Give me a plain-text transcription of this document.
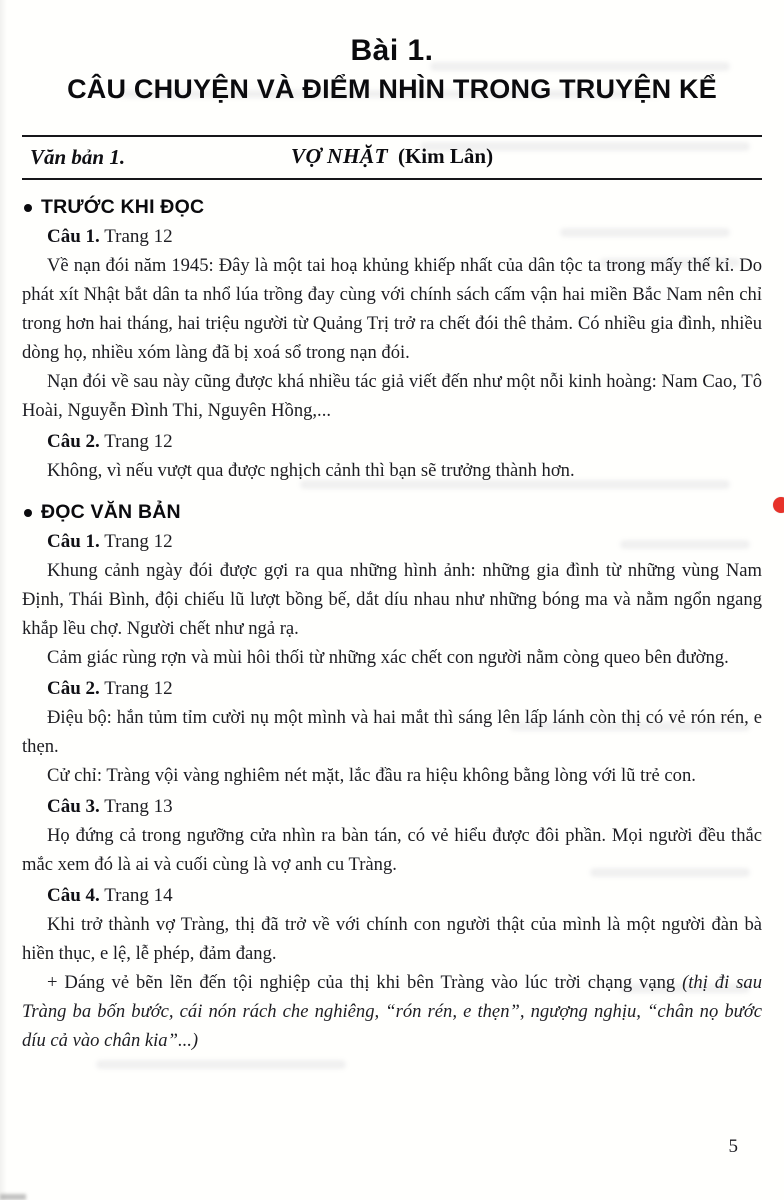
Bài 1.
CÂU CHUYỆN VÀ ĐIỂM NHÌN TRONG TRUYỆN KỂ
Văn bản 1.	VỢ NHẶT (Kim Lân)
TRƯỚC KHI ĐỌC

Câu 1. Trang 12

Về nạn đói năm 1945: Đây là một tai hoạ khủng khiếp nhất của dân tộc ta trong mấy thế kỉ. Do phát xít Nhật bắt dân ta nhổ lúa trồng đay cùng với chính sách cấm vận hai miền Bắc Nam nên chỉ trong hơn hai tháng, hai triệu người từ Quảng Trị trở ra chết đói thê thảm. Có nhiều gia đình, nhiều dòng họ, nhiều xóm làng đã bị xoá sổ trong nạn đói.

Nạn đói về sau này cũng được khá nhiều tác giả viết đến như một nỗi kinh hoàng: Nam Cao, Tô Hoài, Nguyễn Đình Thi, Nguyên Hồng,...

Câu 2. Trang 12

Không, vì nếu vượt qua được nghịch cảnh thì bạn sẽ trưởng thành hơn.

ĐỌC VĂN BẢN

Câu 1. Trang 12

Khung cảnh ngày đói được gợi ra qua những hình ảnh: những gia đình từ những vùng Nam Định, Thái Bình, đội chiếu lũ lượt bồng bế, dắt díu nhau như những bóng ma và nằm ngổn ngang khắp lều chợ. Người chết như ngả rạ.

Cảm giác rùng rợn và mùi hôi thối từ những xác chết con người nằm còng queo bên đường.

Câu 2. Trang 12

Điệu bộ: hắn tủm tỉm cười nụ một mình và hai mắt thì sáng lên lấp lánh còn thị có vẻ rón rén, e thẹn.

Cử chỉ: Tràng vội vàng nghiêm nét mặt, lắc đầu ra hiệu không bằng lòng với lũ trẻ con.

Câu 3. Trang 13

Họ đứng cả trong ngưỡng cửa nhìn ra bàn tán, có vẻ hiểu được đôi phần. Mọi người đều thắc mắc xem đó là ai và cuối cùng là vợ anh cu Tràng.

Câu 4. Trang 14

Khi trở thành vợ Tràng, thị đã trở về với chính con người thật của mình là một người đàn bà hiền thục, e lệ, lễ phép, đảm đang.

+ Dáng vẻ bẽn lẽn đến tội nghiệp của thị khi bên Tràng vào lúc trời chạng vạng (thị đi sau Tràng ba bốn bước, cái nón rách che nghiêng, “rón rén, e thẹn”, ngượng nghịu, “chân nọ bước díu cả vào chân kia”...)

5
